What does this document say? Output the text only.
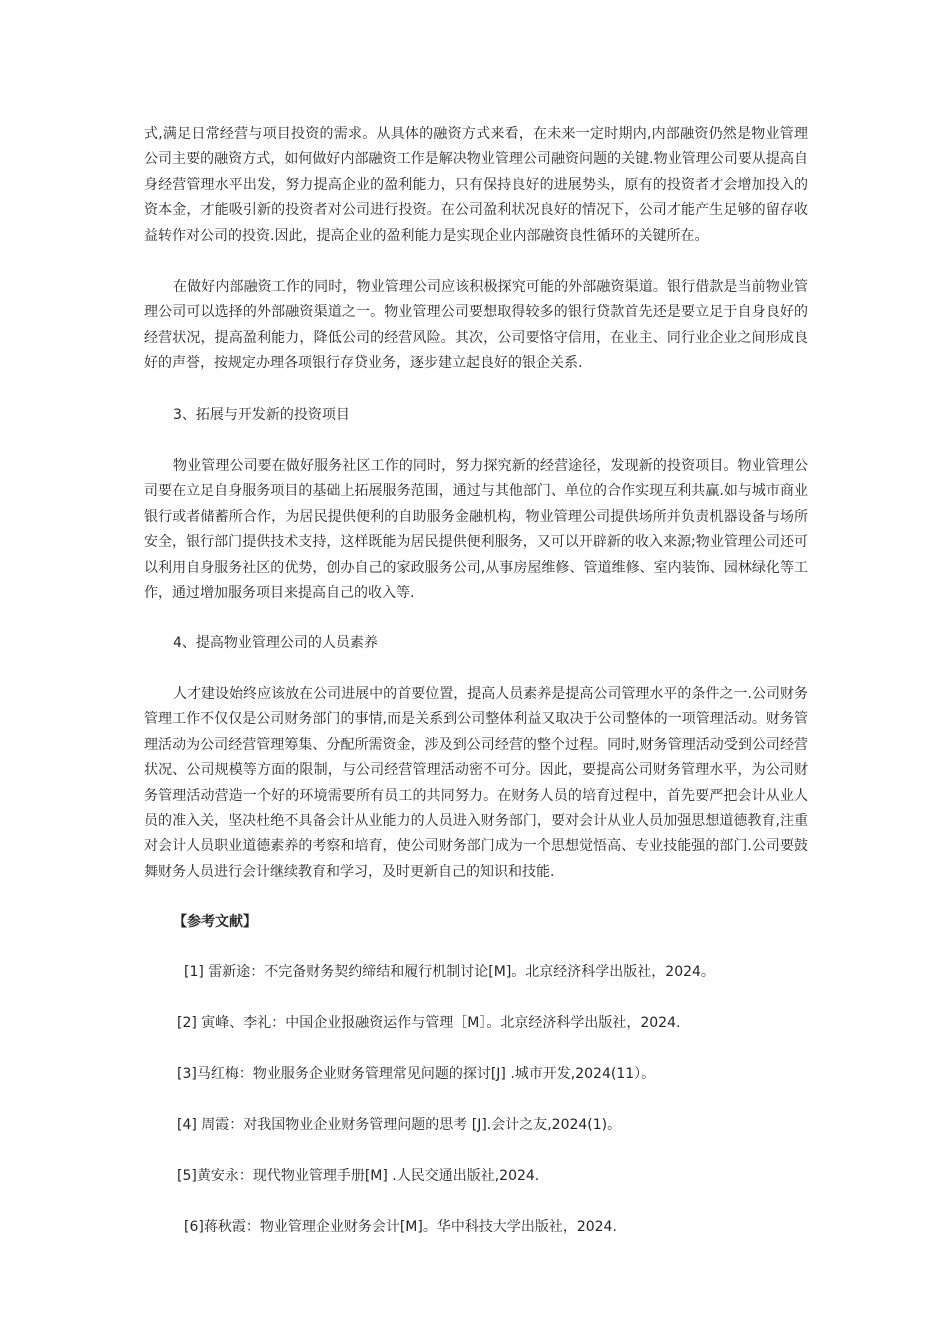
式,满足日常经营与项目投资的需求。从具体的融资方式来看，在未来一定时期内,内部融资仍然是物业管理公司主要的融资方式，如何做好内部融资工作是解决物业管理公司融资问题的关键.物业管理公司要从提高自身经营管理水平出发，努力提高企业的盈利能力，只有保持良好的进展势头，原有的投资者才会增加投入的资本金，才能吸引新的投资者对公司进行投资。在公司盈利状况良好的情况下，公司才能产生足够的留存收益转作对公司的投资.因此，提高企业的盈利能力是实现企业内部融资良性循环的关键所在。

在做好内部融资工作的同时，物业管理公司应该积极探究可能的外部融资渠道。银行借款是当前物业管理公司可以选择的外部融资渠道之一。物业管理公司要想取得较多的银行贷款首先还是要立足于自身良好的经营状况，提高盈利能力，降低公司的经营风险。其次，公司要恪守信用，在业主、同行业企业之间形成良好的声誉，按规定办理各项银行存贷业务，逐步建立起良好的银企关系.

3、拓展与开发新的投资项目

物业管理公司要在做好服务社区工作的同时，努力探究新的经营途径，发现新的投资项目。物业管理公司要在立足自身服务项目的基础上拓展服务范围，通过与其他部门、单位的合作实现互利共赢.如与城市商业银行或者储蓄所合作，为居民提供便利的自助服务金融机构，物业管理公司提供场所并负责机器设备与场所安全，银行部门提供技术支持，这样既能为居民提供便利服务，又可以开辟新的收入来源;物业管理公司还可以利用自身服务社区的优势，创办自己的家政服务公司,从事房屋维修、管道维修、室内装饰、园林绿化等工作，通过增加服务项目来提高自己的收入等.

4、提高物业管理公司的人员素养

人才建设始终应该放在公司进展中的首要位置，提高人员素养是提高公司管理水平的条件之一.公司财务管理工作不仅仅是公司财务部门的事情,而是关系到公司整体利益又取决于公司整体的一项管理活动。财务管理活动为公司经营管理筹集、分配所需资金，涉及到公司经营的整个过程。同时,财务管理活动受到公司经营状况、公司规模等方面的限制，与公司经营管理活动密不可分。因此，要提高公司财务管理水平，为公司财务管理活动营造一个好的环境需要所有员工的共同努力。在财务人员的培育过程中，首先要严把会计从业人员的准入关，坚决杜绝不具备会计从业能力的人员进入财务部门，要对会计从业人员加强思想道德教育,注重对会计人员职业道德素养的考察和培育，使公司财务部门成为一个思想觉悟高、专业技能强的部门.公司要鼓舞财务人员进行会计继续教育和学习，及时更新自己的知识和技能.

【参考文献】

[1] 雷新途：不完备财务契约缔结和履行机制讨论[M]。北京经济科学出版社，2024。

[2] 寅峰、李礼：中国企业报融资运作与管理［M］。北京经济科学出版社，2024.

[3]马红梅：物业服务企业财务管理常见问题的探讨[J] .城市开发,2024(11）。

[4] 周霞：对我国物业企业财务管理问题的思考 [J].会计之友,2024(1)。

[5]黄安永：现代物业管理手册[M] .人民交通出版社,2024.

[6]蒋秋霞：物业管理企业财务会计[M]。华中科技大学出版社，2024.
